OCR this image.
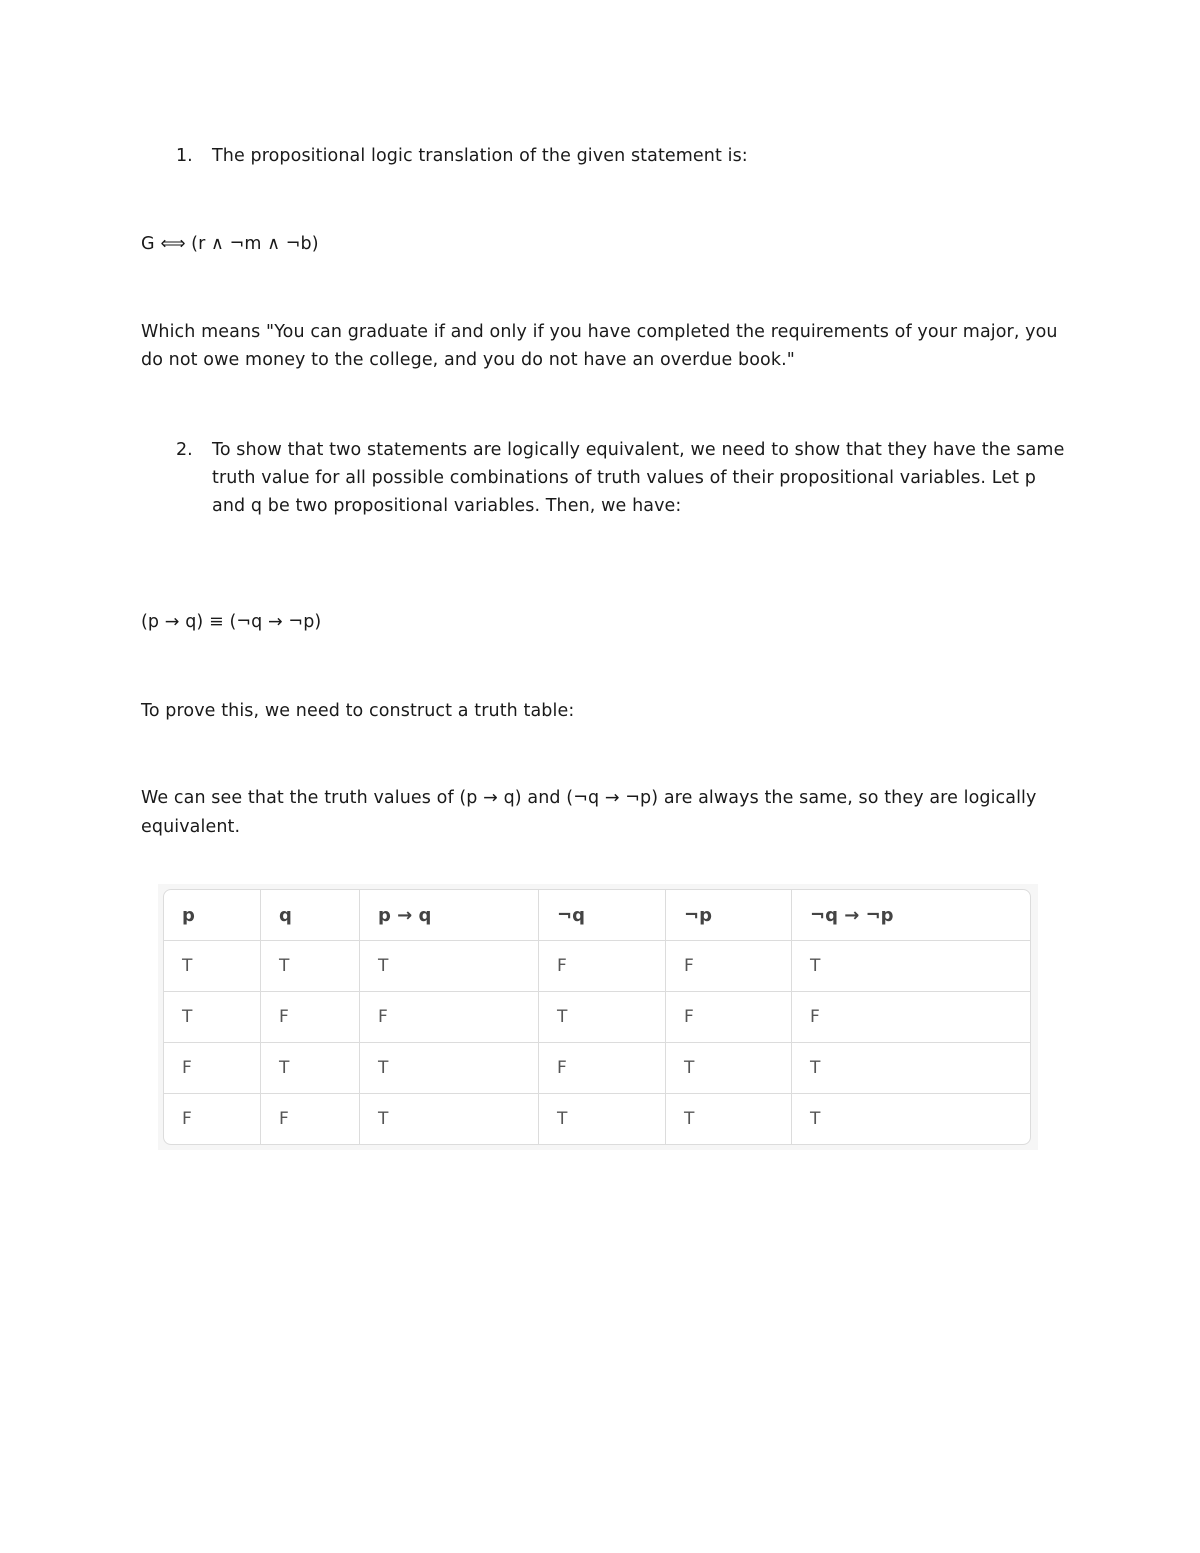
1. The propositional logic translation of the given statement is:
G ⟺ (r ∧ ¬m ∧ ¬b)
Which means "You can graduate if and only if you have completed the requirements of your major, you
do not owe money to the college, and you do not have an overdue book."
2. To show that two statements are logically equivalent, we need to show that they have the same
truth value for all possible combinations of truth values of their propositional variables. Let p
and q be two propositional variables. Then, we have:
(p → q) ≡ (¬q → ¬p)
To prove this, we need to construct a truth table:
We can see that the truth values of (p → q) and (¬q → ¬p) are always the same, so they are logically
equivalent.
p	q	p → q	¬q	¬p	¬q → ¬p
T	T	T	F	F	T
T	F	F	T	F	F
F	T	T	F	T	T
F	F	T	T	T	T
